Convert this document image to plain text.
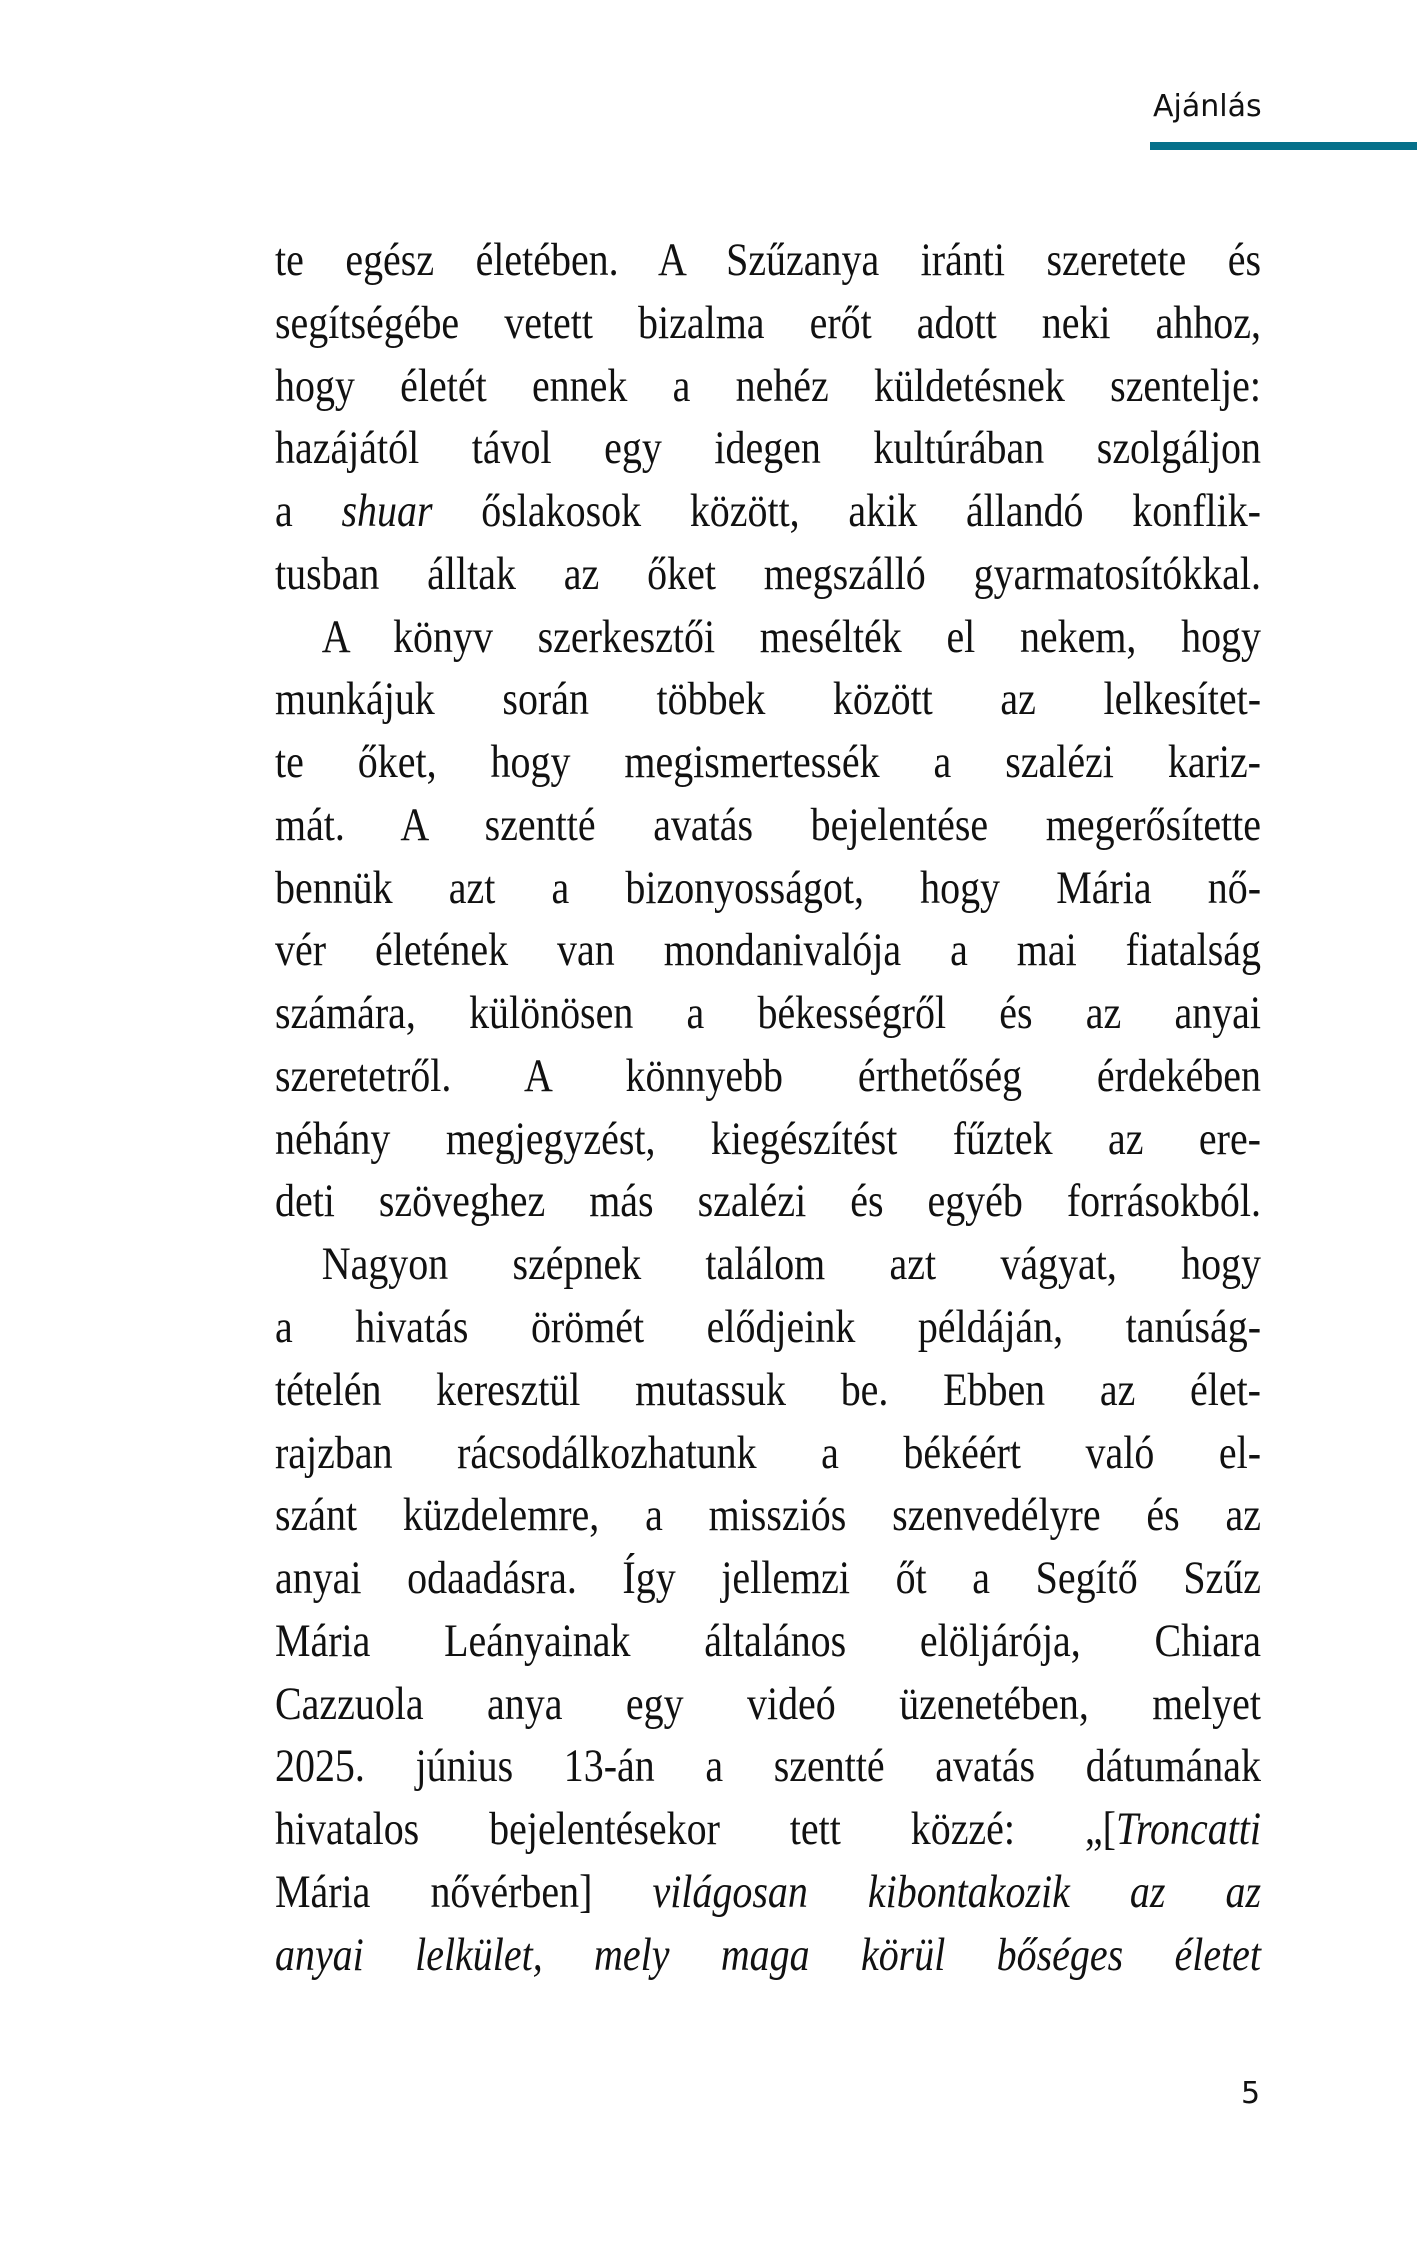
Ajánlás
te egész életében. A Szűzanya iránti szeretete és
segítségébe vetett bizalma erőt adott neki ahhoz,
hogy életét ennek a nehéz küldetésnek szentelje:
hazájától távol egy idegen kultúrában szolgáljon
a shuar őslakosok között, akik állandó konflik-
tusban álltak az őket megszálló gyarmatosítókkal.
A könyv szerkesztői mesélték el nekem, hogy
munkájuk során többek között az lelkesítet-
te őket, hogy megismertessék a szalézi kariz-
mát. A szentté avatás bejelentése megerősítette
bennük azt a bizonyosságot, hogy Mária nő-
vér életének van mondanivalója a mai fiatalság
számára, különösen a békességről és az anyai
szeretetről. A könnyebb érthetőség érdekében
néhány megjegyzést, kiegészítést fűztek az ere-
deti szöveghez más szalézi és egyéb forrásokból.
Nagyon szépnek találom azt vágyat, hogy
a hivatás örömét elődjeink példáján, tanúság-
tételén keresztül mutassuk be. Ebben az élet-
rajzban rácsodálkozhatunk a békéért való el-
szánt küzdelemre, a missziós szenvedélyre és az
anyai odaadásra. Így jellemzi őt a Segítő Szűz
Mária Leányainak általános elöljárója, Chiara
Cazzuola anya egy videó üzenetében, melyet
2025. június 13-án a szentté avatás dátumának
hivatalos bejelentésekor tett közzé: „[Troncatti
Mária nővérben] világosan kibontakozik az az
anyai lelkület, mely maga körül bőséges életet
5
